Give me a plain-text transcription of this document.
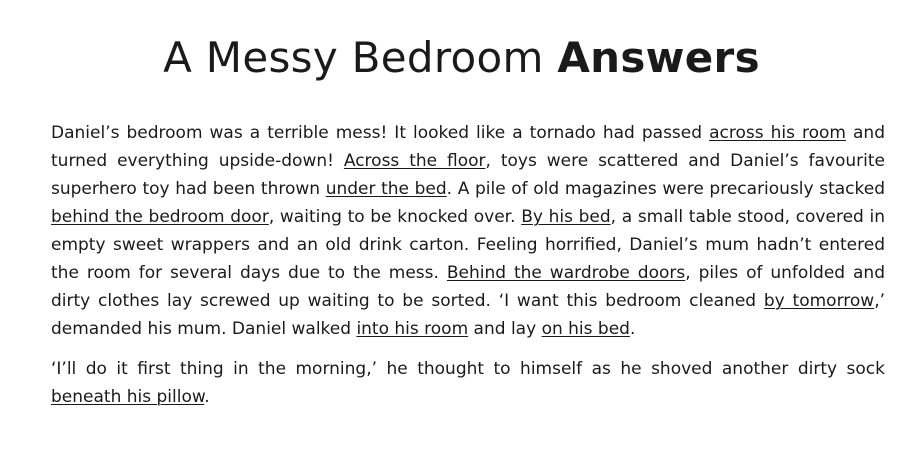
A Messy Bedroom Answers

Daniel’s bedroom was a terrible mess! It looked like a tornado had passed across his room and turned everything upside-down! Across the floor, toys were scattered and Daniel’s favourite superhero toy had been thrown under the bed. A pile of old magazines were precariously stacked behind the bedroom door, waiting to be knocked over. By his bed, a small table stood, covered in empty sweet wrappers and an old drink carton. Feeling horrified, Daniel’s mum hadn’t entered the room for several days due to the mess. Behind the wardrobe doors, piles of unfolded and dirty clothes lay screwed up waiting to be sorted. ‘I want this bedroom cleaned by tomorrow,’ demanded his mum. Daniel walked into his room and lay on his bed.

‘I’ll do it first thing in the morning,’ he thought to himself as he shoved another dirty sock beneath his pillow.
